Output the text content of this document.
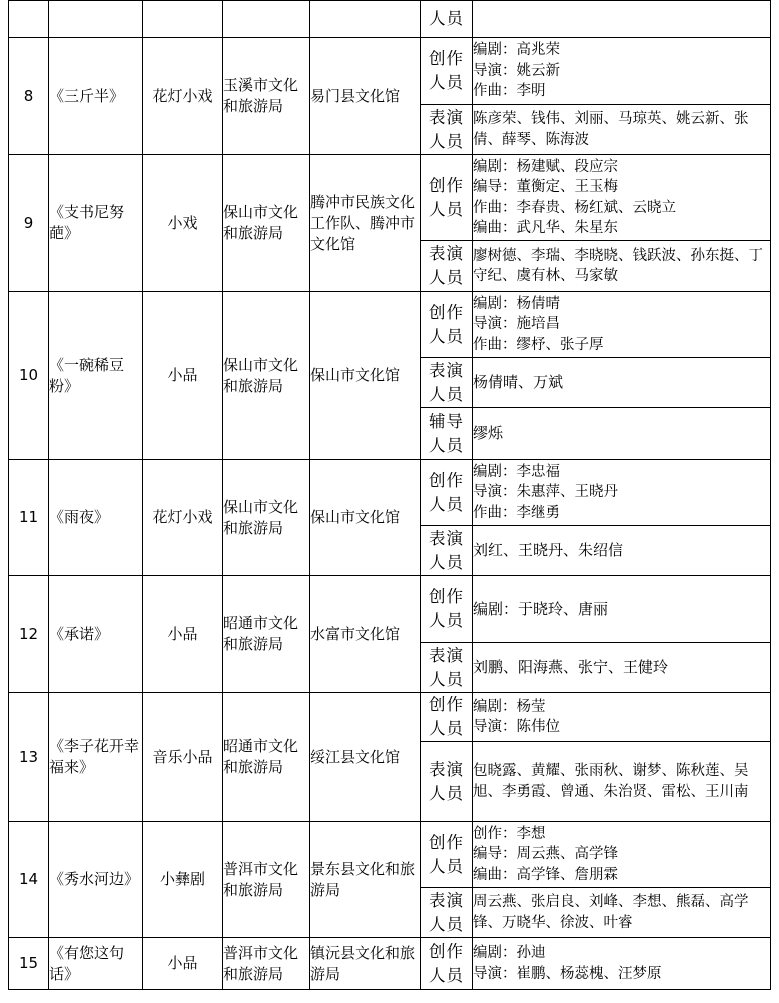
					人员	
8	《三斤半》	花灯小戏	玉溪市文化和旅游局	易门县文化馆	创作人员	编剧：高兆荣
导演：姚云新
作曲：李明

					表演人员	陈彦荣、钱伟、刘丽、马琼英、姚云新、张倩、薛琴、陈海波

9	《支书尼努葩》	小戏	保山市文化和旅游局	腾冲市民族文化工作队、腾冲市文化馆	创作人员	编剧：杨建赋、段应宗
编导：董衡定、王玉梅
作曲：李春贵、杨红斌、云晓立
编曲：武凡华、朱星东

					表演人员	廖树德、李瑞、李晓晓、钱跃波、孙东挺、丁守纪、虞有林、马家敏

10	《一碗稀豆粉》	小品	保山市文化和旅游局	保山市文化馆	创作人员	编剧：杨倩晴
导演：施培昌
作曲：缪杼、张子厚

					表演人员	杨倩晴、万斌
					辅导人员	缪烁
11	《雨夜》	花灯小戏	保山市文化和旅游局	保山市文化馆	创作人员	编剧：李忠福
导演：朱惠萍、王晓丹
作曲：李继勇

					表演人员	刘红、王晓丹、朱绍信
12	《承诺》	小品	昭通市文化和旅游局	水富市文化馆	创作人员	编剧：于晓玲、唐丽
					表演人员	刘鹏、阳海燕、张宁、王健玲
13	《李子花开幸福来》	音乐小品	昭通市文化和旅游局	绥江县文化馆	创作人员	编剧：杨莹
导演：陈伟位

					表演人员	包晓露、黄耀、张雨秋、谢梦、陈秋莲、吴旭、李勇霞、曾通、朱治贤、雷松、王川南

14	《秀水河边》	小彝剧	普洱市文化和旅游局	景东县文化和旅游局	创作人员	创作：李想
编导：周云燕、高学锋
编曲：高学锋、詹朋霖

					表演人员	周云燕、张启良、刘峰、李想、熊磊、高学锋、万晓华、徐波、叶睿

15	《有您这句话》	小品	普洱市文化和旅游局	镇沅县文化和旅游局	创作人员	编剧：孙迪
导演：崔鹏、杨蕊槐、汪梦原
